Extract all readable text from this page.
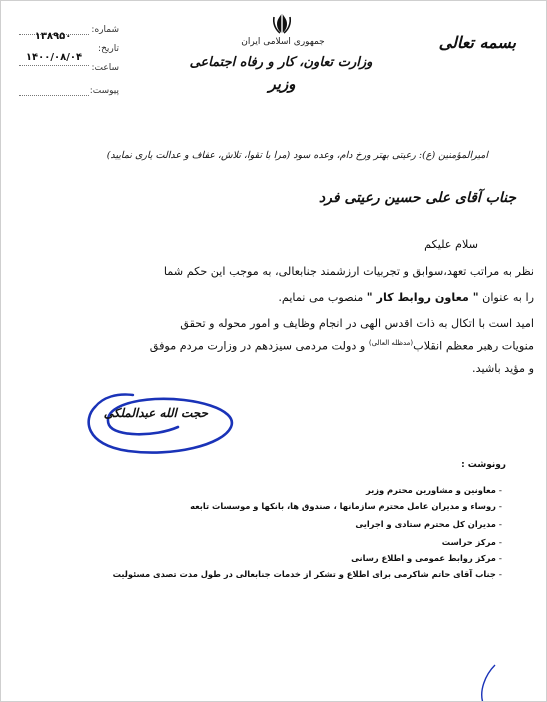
شماره:
۱۳۸۹۵۰
تاریخ:
۱۴۰۰/۰۸/۰۴
ساعت:
پیوست:
جمهوری اسلامی ایران
وزارت تعاون، کار و رفاه اجتماعی
وزیر
بسمه تعالی
امیرالمؤمنین (ع): رعیتی بهتر ورخ دام، وعده سود (مرا با تقوا، تلاش، عفاف و عدالت یاری نمایید)
جناب آقای علی حسین رعیتی فرد
سلام علیکم
نظر به مراتب تعهد،سوابق و تجربیات ارزشمند جنابعالی، به موجب این حکم شما
را به عنوان " معاون روابط کار " منصوب می نمایم.
امید است با اتکال به ذات اقدس الهی در انجام وظایف و امور محوله و تحقق
منویات رهبر معظم انقلاب$^{(مدظله العالی)}$ و دولت مردمی سیزدهم در وزارت مردم موفق
و مؤید باشید.
حجت الله عبدالملکی
رونوشت :
- معاونین و مشاورین محترم وزیر
- روساء و مدیران عامل محترم سازمانها ، صندوق ها، بانکها و موسسات تابعه
- مدیران کل محترم ستادی و اجرایی
- مرکز حراست
- مرکز روابط عمومی و اطلاع رسانی
- جناب آقای حاتم شاکرمی برای اطلاع و تشکر از خدمات جنابعالی در طول مدت تصدی مسئولیت
